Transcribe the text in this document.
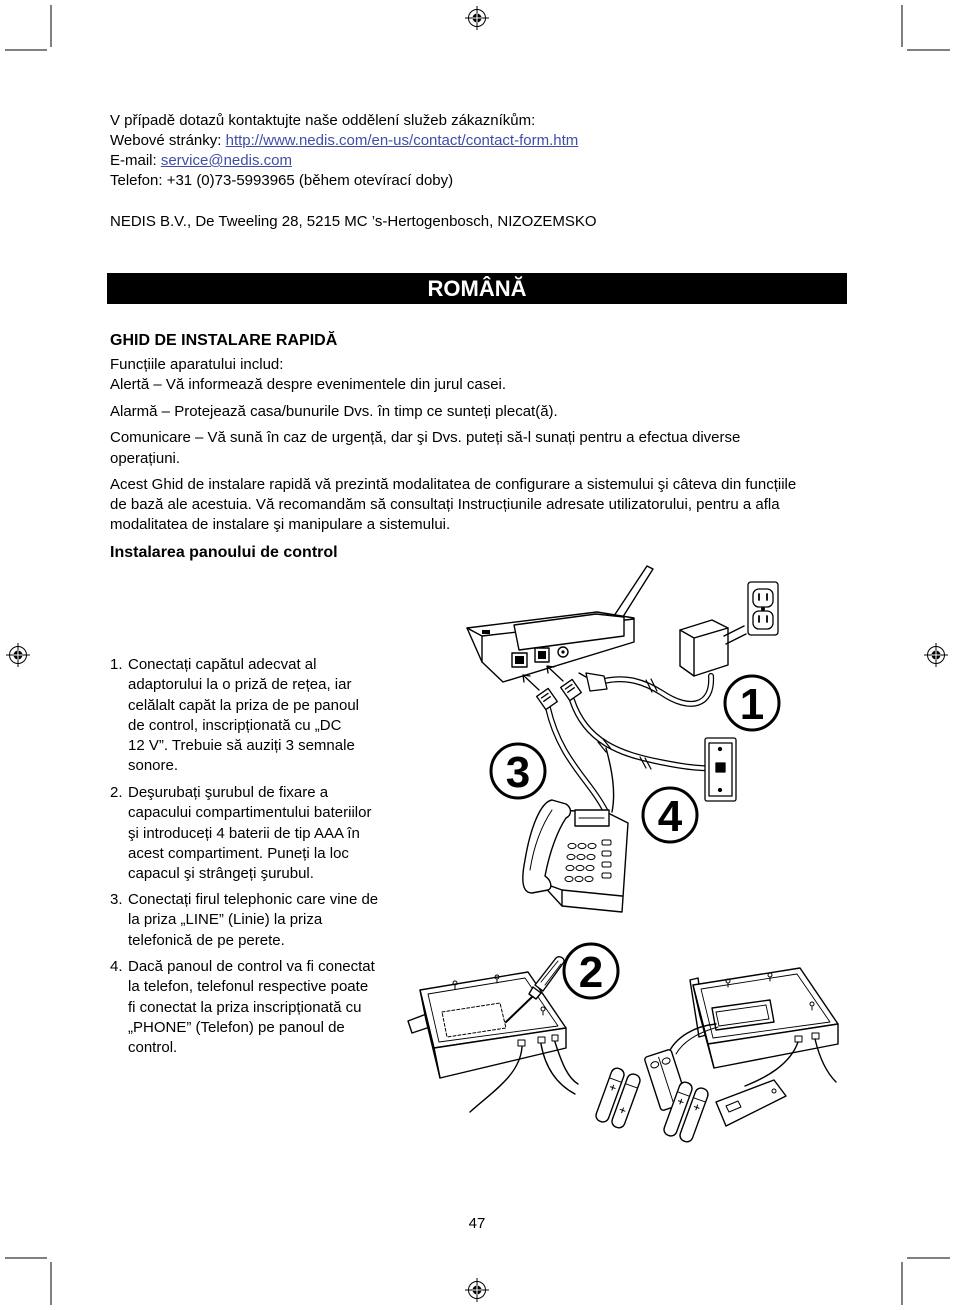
1
2
3
4
V případě dotazů kontaktujte naše oddělení služeb zákazníkům:
Webové stránky: http://www.nedis.com/en-us/contact/contact-form.htm
E-mail: service@nedis.com
Telefon: +31 (0)73-5993965 (během otevírací doby)
NEDIS B.V., De Tweeling 28, 5215 MC ’s-Hertogenbosch, NIZOZEMSKO
ROMÂNĂ
GHID DE INSTALARE RAPIDĂ
Funcțiile aparatului includ:
Alertă – Vă informează despre evenimentele din jurul casei.
Alarmă – Protejează casa/bunurile Dvs. în timp ce sunteți plecat(ă).
Comunicare – Vă sună în caz de urgență, dar şi Dvs. puteți să-l sunați pentru a efectua diverse
operațiuni.
Acest Ghid de instalare rapidă vă prezintă modalitatea de configurare a sistemului şi câteva din funcțiile
de bază ale acestuia. Vă recomandăm să consultați Instrucțiunile adresate utilizatorului, pentru a afla
modalitatea de instalare şi manipulare a sistemului.
Instalarea panoului de control
1. Conectați capătul adecvat al
adaptorului la o priză de rețea, iar
celălalt capăt la priza de pe panoul
de control, inscripționată cu „DC
12 V”. Trebuie să auziți 3 semnale
sonore.
2. Deşurubați şurubul de fixare a
capacului compartimentului bateriilor
şi introduceți 4 baterii de tip AAA în
acest compartiment. Puneți la loc
capacul şi strângeți şurubul.
3. Conectați firul telephonic care vine de
la priza „LINE” (Linie) la priza
telefonică de pe perete.
4. Dacă panoul de control va fi conectat
la telefon, telefonul respective poate
fi conectat la priza inscripționată cu
„PHONE” (Telefon) pe panoul de
control.
47
